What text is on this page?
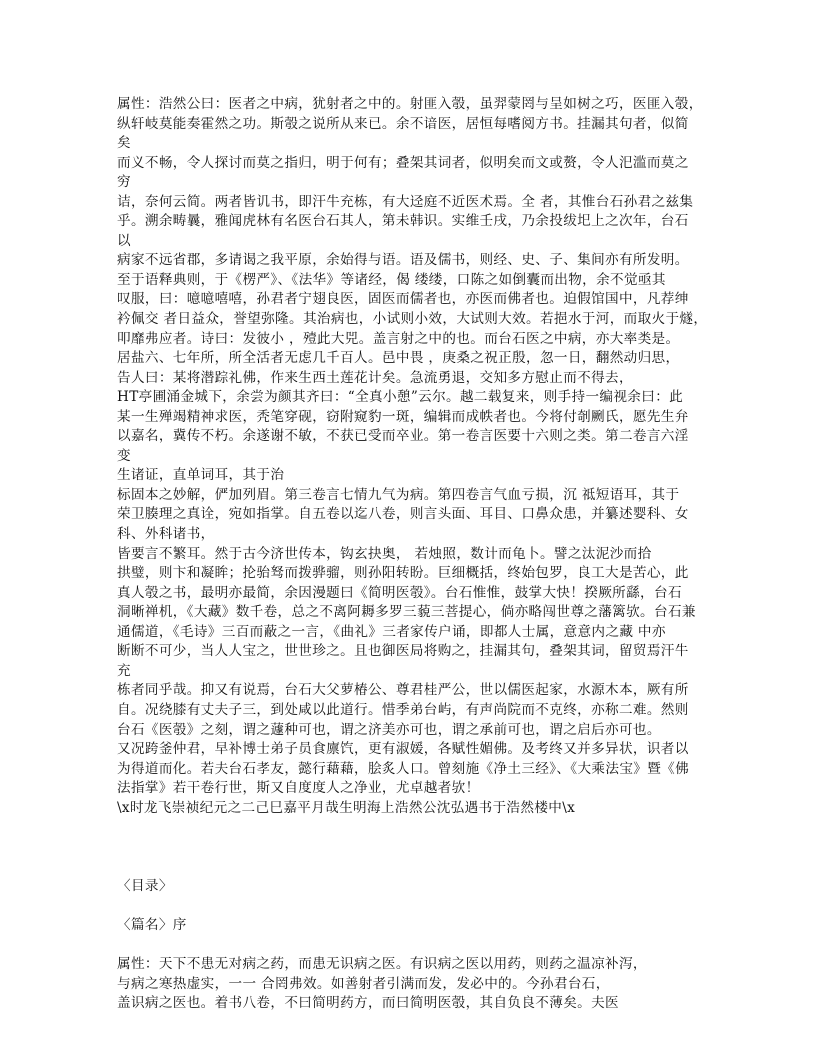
属性：浩然公曰：医者之中病，犹射者之中的。射匪入彀，虽羿蒙罔与呈如树之巧，医匪入彀，
纵轩岐莫能奏霍然之功。斯彀之说所从来已。余不谙医，居恒每嗜阅方书。挂漏其句者，似简
矣
而义不畅，令人探讨而莫之指归，明于何有；叠架其词者，似明矣而文或赘，令人汜滥而莫之
穷
诘，奈何云简。两者皆讥书，即汗牛充栋，有大迳庭不近医术焉。全 者，其惟台石孙君之兹集
乎。溯余畴曩，雅闻虎林有名医台石其人，第未韩识。实维壬戌，乃余投绂圯上之次年，台石
以
病家不远省郡，多请谒之我平原，余始得与语。语及儒书，则经、史、子、集间亦有所发明。
至于语释典则，于《楞严》、《法华》等诸经，偈 缕缕，口陈之如倒囊而出物，余不觉亟其
叹服，曰：噫噫嘻嘻，孙君者宁翅良医，固医而儒者也，亦医而佛者也。迫假馆国中，凡荐绅
衿佩交 者日益众，誉望弥隆。其治病也，小试则小效，大试则大效。若挹水于河，而取火于燧，
叩靡弗应者。诗曰：发彼小 ，殪此大兕。盖言射之中的也。而台石医之中病，亦大率类是。
居盐六、七年所，所全活者无虑几千百人。邑中畏 ，庚桑之祝正殷，忽一日，翻然动归思，
告人曰：某将潜踪礼佛，作来生西土莲花计矣。急流勇退，交知多方慰止而不得去，
HT亭圃涌金城下，余尝为颜其齐曰：“全真小憩”云尔。越二载复来，则手持一编视余曰：此
某一生殚竭精神求医，秃笔穿砚，窃附窥豹一斑，编辑而成帙者也。今将付剞劂氏，愿先生弁
以嘉名，冀传不朽。余遂谢不敏，不获已受而卒业。第一卷言医要十六则之类。第二卷言六淫
变
生诸证，直单词耳，其于治
标固本之妙解，俨加列眉。第三卷言七情九气为病。第四卷言气血亏损，沉 祗短语耳，其于
荣卫腠理之真诠，宛如指掌。自五卷以迄八卷，则言头面、耳目、口鼻众患，并纂述婴科、女
科、外科诸书，
皆要言不繁耳。然于古今济世传本，钩玄抉奥， 若烛照，数计而龟卜。譬之汰泥沙而拾
拱璧，则卞和凝眸；抡骀驽而拨骅骝，则孙阳转盼。巨细概括，终始包罗，良工大是苦心，此
真人彀之书，最明亦最简，余因漫题曰《简明医彀》。台石惟惟，鼓掌大快！揆厥所繇，台石
洞晰禅机，《大藏》数千卷，总之不离阿耨多罗三藐三菩提心，倘亦略闯世尊之藩篱欤。台石兼
通儒道，《毛诗》三百而蔽之一言，《曲礼》三者家传户诵，即都人士属，意意内之藏 中亦
断断不可少，当人人宝之，世世珍之。且也御医局将购之，挂漏其句，叠架其词，留贸焉汗牛
充
栋者同乎哉。抑又有说焉，台石大父萝椿公、尊君桂严公，世以儒医起家，水源木本，厥有所
自。况绕膝有丈夫子三，到处咸以此道行。惜季弟台屿，有声尚院而不克终，亦称二难。然则
台石《医彀》之刻，谓之蘧种可也，谓之济美亦可也，谓之承前可也，谓之启后亦可也。
又况跨釜仲君，早补博士弟子员食廪饩，更有淑媛，各赋性媚佛。及考终又并多异状，识者以
为得道而化。若夫台石孝友，懿行藉藉，脍炙人口。曾刻施《净土三经》、《大乘法宝》暨《佛
法指掌》若干卷行世，斯又自度度人之净业，尤卓越者欤！
\x时龙飞崇祯纪元之二己巳嘉平月哉生明海上浩然公沈弘遇书于浩然楼中\x
〈目录〉
〈篇名〉序
属性：天下不患无对病之药，而患无识病之医。有识病之医以用药，则药之温凉补泻，
与病之寒热虚实，一一 合罔弗效。如善射者引满而发，发必中的。今孙君台石，
盖识病之医也。着书八卷，不曰简明药方，而曰简明医彀，其自负良不薄矣。夫医
